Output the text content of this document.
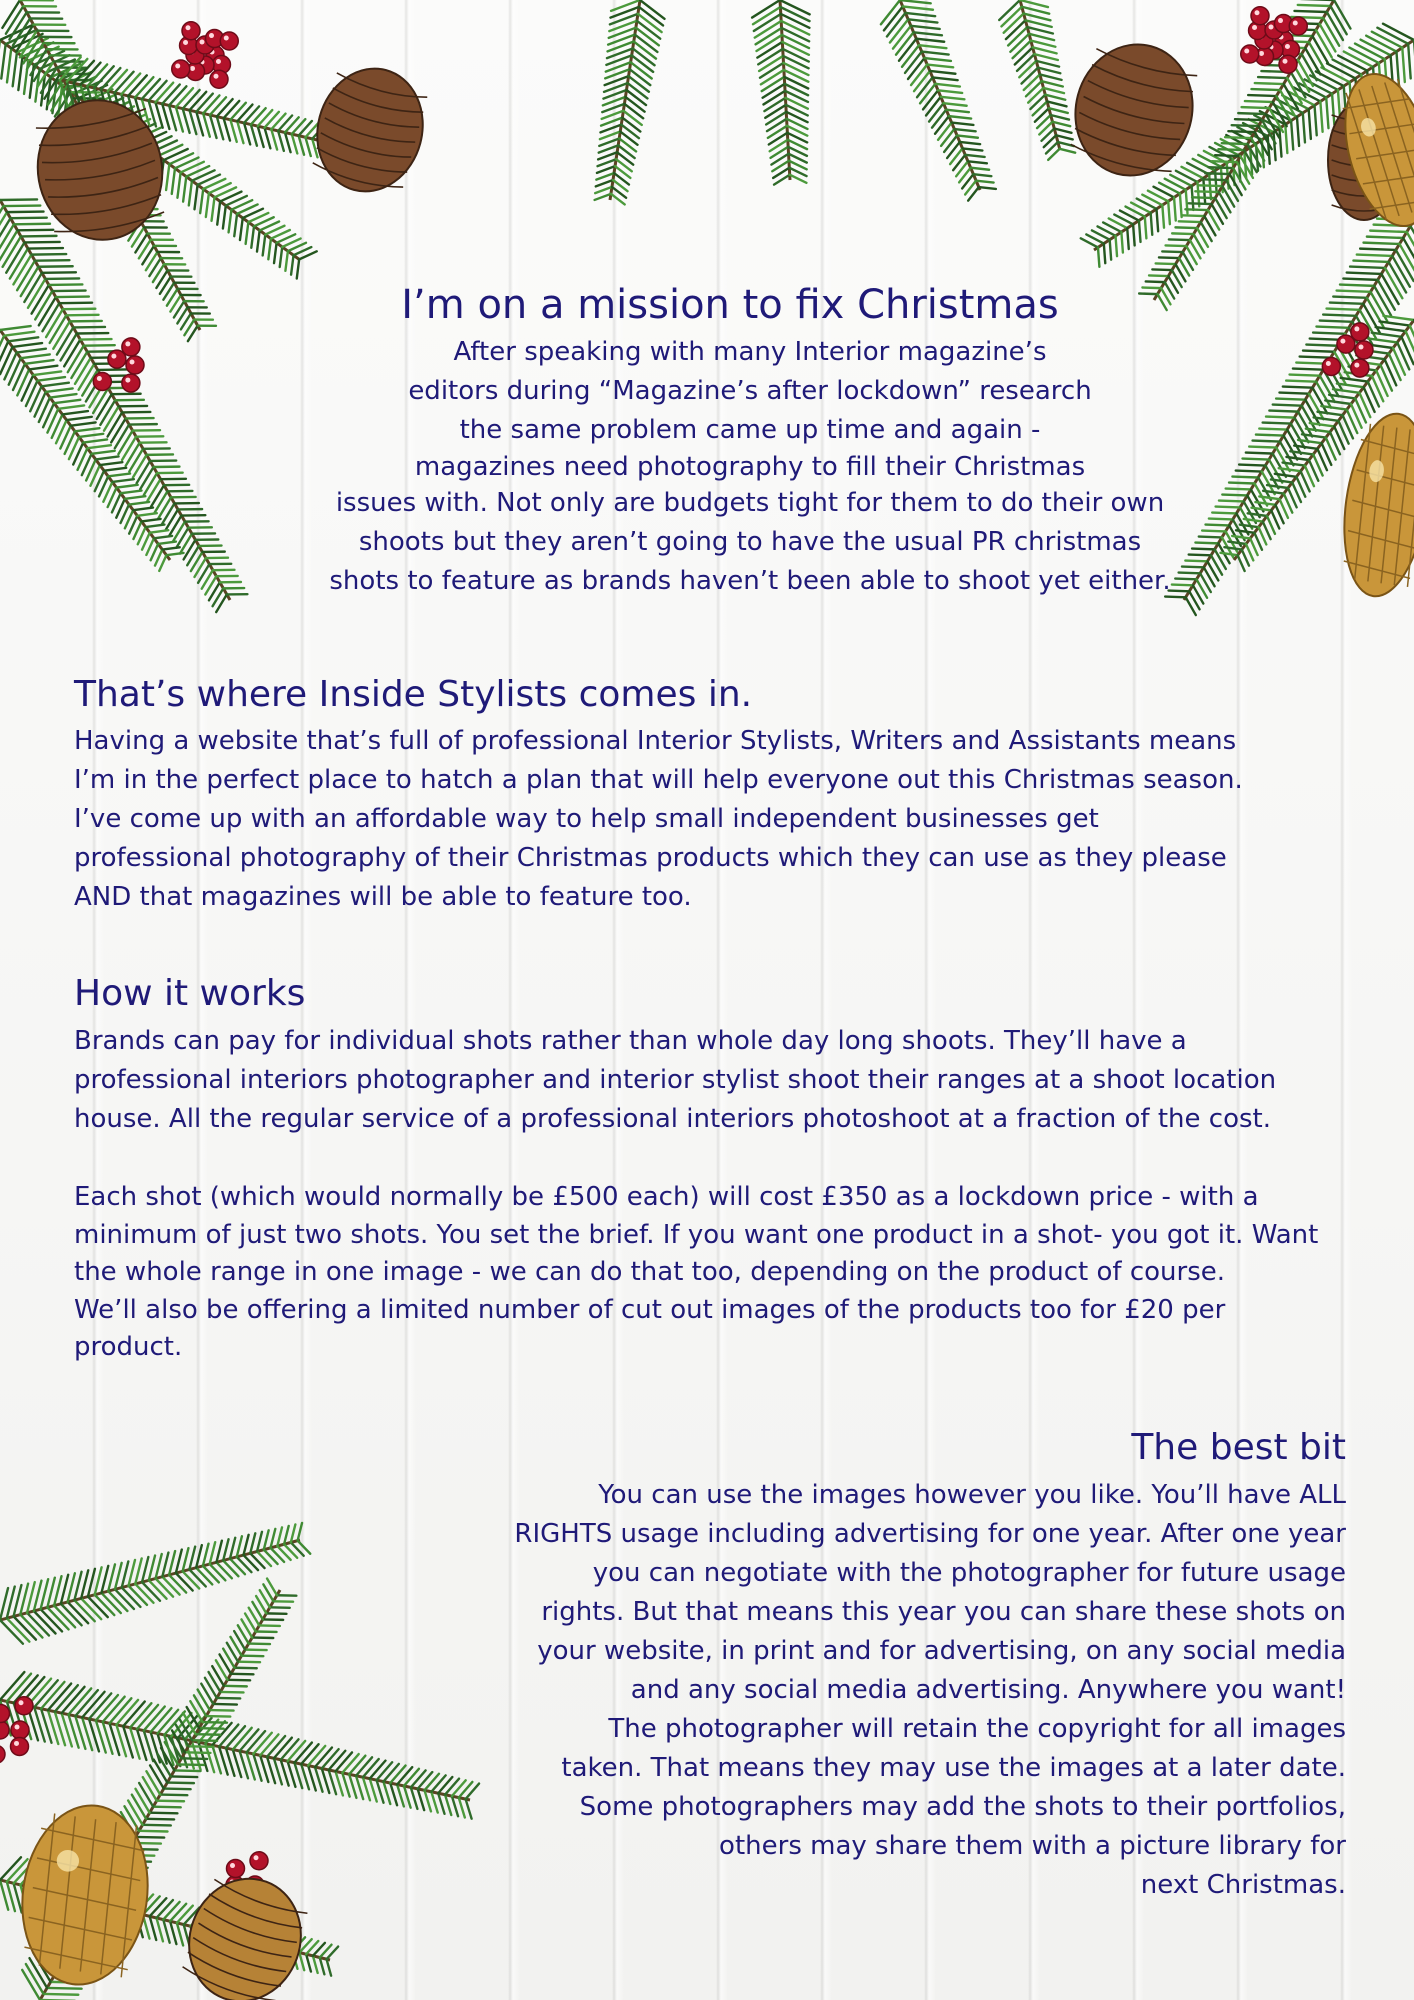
I’m on a mission to fix Christmas

After speaking with many Interior magazine’s

editors during “Magazine’s after lockdown” research

the same problem came up time and again -

magazines need photography to fill their Christmas

issues with. Not only are budgets tight for them to do their own

shoots but they aren’t going to have the usual PR christmas

shots to feature as brands haven’t been able to shoot yet either.

That’s where Inside Stylists comes in.

Having a website that’s full of professional Interior Stylists, Writers and Assistants means

I’m in the perfect place to hatch a plan that will help everyone out this Christmas season.

I’ve come up with an affordable way to help small independent businesses get

professional photography of their Christmas products which they can use as they please

AND that magazines will be able to feature too.

How it works

Brands can pay for individual shots rather than whole day long shoots. They’ll have a

professional interiors photographer and interior stylist shoot their ranges at a shoot location

house. All the regular service of a professional interiors photoshoot at a fraction of the cost.

Each shot (which would normally be £500 each) will cost £350 as a lockdown price - with a

minimum of just two shots. You set the brief. If you want one product in a shot- you got it. Want

the whole range in one image - we can do that too, depending on the product of course.

We’ll also be offering a limited number of cut out images of the products too for £20 per

product.

The best bit

You can use the images however you like. You’ll have ALL

RIGHTS usage including advertising for one year. After one year

you can negotiate with the photographer for future usage

rights. But that means this year you can share these shots on

your website, in print and for advertising, on any social media

and any social media advertising. Anywhere you want!

The photographer will retain the copyright for all images

taken. That means they may use the images at a later date.

Some photographers may add the shots to their portfolios,

others may share them with a picture library for

next Christmas.
